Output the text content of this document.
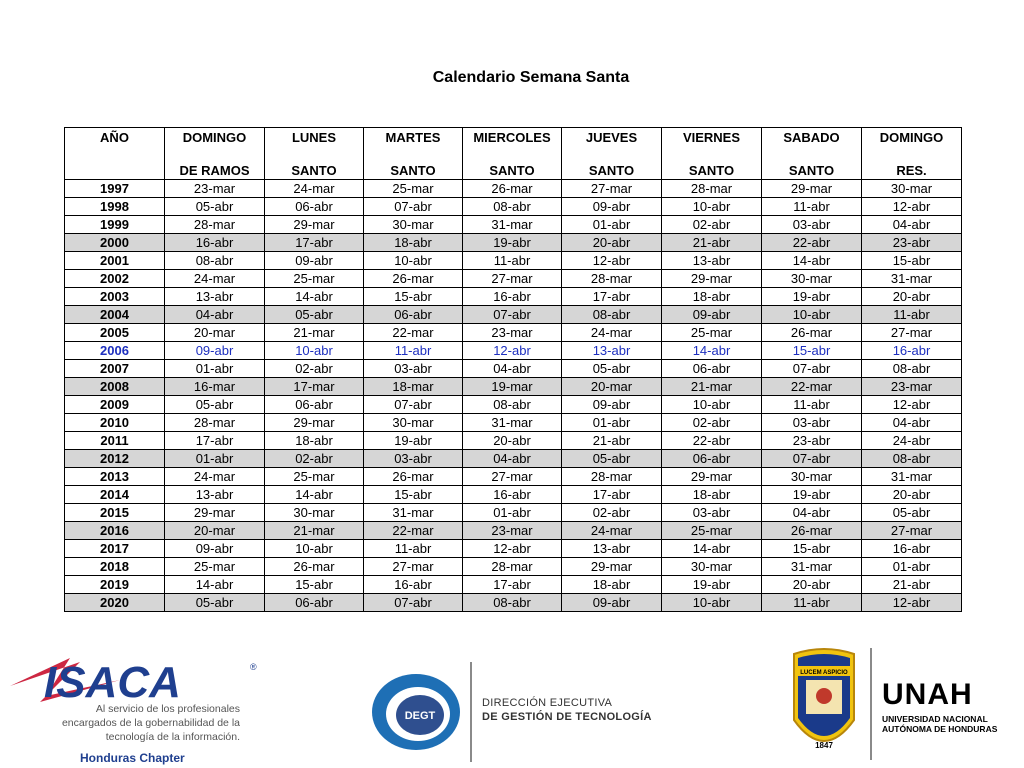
Calendario Semana Santa
AÑO	DOMINGO	LUNES	MARTES	MIERCOLES	JUEVES	VIERNES	SABADO	DOMINGO
	DE RAMOS	SANTO	SANTO	SANTO	SANTO	SANTO	SANTO	RES.
1997	23-mar	24-mar	25-mar	26-mar	27-mar	28-mar	29-mar	30-mar
1998	05-abr	06-abr	07-abr	08-abr	09-abr	10-abr	11-abr	12-abr
1999	28-mar	29-mar	30-mar	31-mar	01-abr	02-abr	03-abr	04-abr
2000	16-abr	17-abr	18-abr	19-abr	20-abr	21-abr	22-abr	23-abr
2001	08-abr	09-abr	10-abr	11-abr	12-abr	13-abr	14-abr	15-abr
2002	24-mar	25-mar	26-mar	27-mar	28-mar	29-mar	30-mar	31-mar
2003	13-abr	14-abr	15-abr	16-abr	17-abr	18-abr	19-abr	20-abr
2004	04-abr	05-abr	06-abr	07-abr	08-abr	09-abr	10-abr	11-abr
2005	20-mar	21-mar	22-mar	23-mar	24-mar	25-mar	26-mar	27-mar
2006	09-abr	10-abr	11-abr	12-abr	13-abr	14-abr	15-abr	16-abr
2007	01-abr	02-abr	03-abr	04-abr	05-abr	06-abr	07-abr	08-abr
2008	16-mar	17-mar	18-mar	19-mar	20-mar	21-mar	22-mar	23-mar
2009	05-abr	06-abr	07-abr	08-abr	09-abr	10-abr	11-abr	12-abr
2010	28-mar	29-mar	30-mar	31-mar	01-abr	02-abr	03-abr	04-abr
2011	17-abr	18-abr	19-abr	20-abr	21-abr	22-abr	23-abr	24-abr
2012	01-abr	02-abr	03-abr	04-abr	05-abr	06-abr	07-abr	08-abr
2013	24-mar	25-mar	26-mar	27-mar	28-mar	29-mar	30-mar	31-mar
2014	13-abr	14-abr	15-abr	16-abr	17-abr	18-abr	19-abr	20-abr
2015	29-mar	30-mar	31-mar	01-abr	02-abr	03-abr	04-abr	05-abr
2016	20-mar	21-mar	22-mar	23-mar	24-mar	25-mar	26-mar	27-mar
2017	09-abr	10-abr	11-abr	12-abr	13-abr	14-abr	15-abr	16-abr
2018	25-mar	26-mar	27-mar	28-mar	29-mar	30-mar	31-mar	01-abr
2019	14-abr	15-abr	16-abr	17-abr	18-abr	19-abr	20-abr	21-abr
2020	05-abr	06-abr	07-abr	08-abr	09-abr	10-abr	11-abr	12-abr
ISACA	®
Al servicio de los profesionales
encargados de la gobernabilidad de la
tecnología de la información.
Honduras Chapter
DEGT
DIRECCIÓN EJECUTIVA
DE GESTIÓN DE TECNOLOGÍA
LUCEM ASPICIO
1847
UNAH
UNIVERSIDAD NACIONAL
AUTÓNOMA DE HONDURAS
